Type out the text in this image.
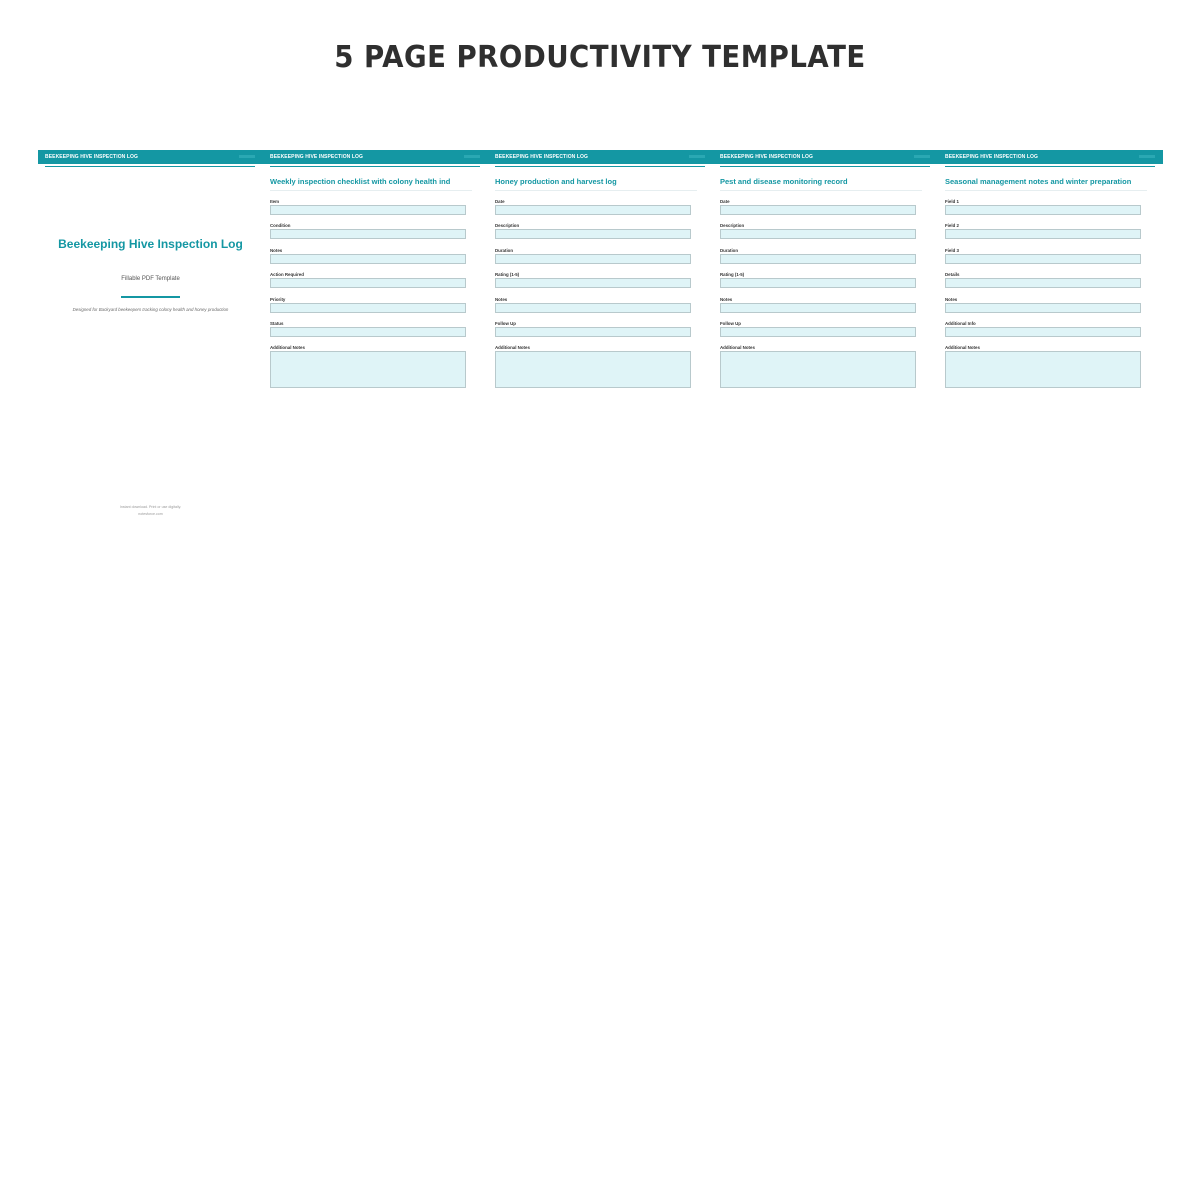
5 PAGE PRODUCTIVITY TEMPLATE
BEEKEEPING HIVE INSPECTION LOG
Beekeeping Hive Inspection Log
Fillable PDF Template
Designed for Backyard beekeepers tracking colony health and honey production
Instant download. Print or use digitally.
notesforce.com
BEEKEEPING HIVE INSPECTION LOG
Weekly inspection checklist with colony health ind
Item
Condition
Notes
Action Required
Priority
Status
Additional Notes
BEEKEEPING HIVE INSPECTION LOG
Honey production and harvest log
Date
Description
Duration
Rating (1-5)
Notes
Follow Up
Additional Notes
BEEKEEPING HIVE INSPECTION LOG
Pest and disease monitoring record
Date
Description
Duration
Rating (1-5)
Notes
Follow Up
Additional Notes
BEEKEEPING HIVE INSPECTION LOG
Seasonal management notes and winter preparation
Field 1
Field 2
Field 3
Details
Notes
Additional Info
Additional Notes
